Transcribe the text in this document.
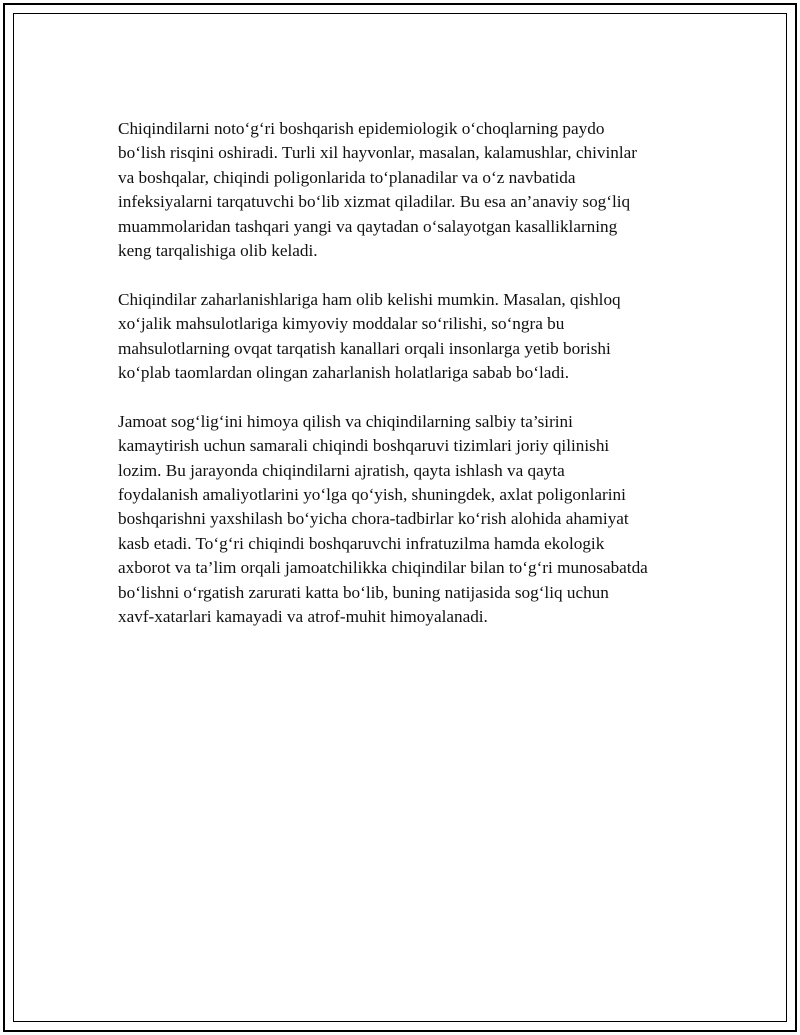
Chiqindilarni noto‘g‘ri boshqarish epidemiologik o‘choqlarning paydo
bo‘lish risqini oshiradi. Turli xil hayvonlar, masalan, kalamushlar, chivinlar
va boshqalar, chiqindi poligonlarida to‘planadilar va o‘z navbatida
infeksiyalarni tarqatuvchi bo‘lib xizmat qiladilar. Bu esa an’anaviy sog‘liq
muammolaridan tashqari yangi va qaytadan o‘salayotgan kasalliklarning
keng tarqalishiga olib keladi.

Chiqindilar zaharlanishlariga ham olib kelishi mumkin. Masalan, qishloq
xo‘jalik mahsulotlariga kimyoviy moddalar so‘rilishi, so‘ngra bu
mahsulotlarning ovqat tarqatish kanallari orqali insonlarga yetib borishi
ko‘plab taomlardan olingan zaharlanish holatlariga sabab bo‘ladi.

Jamoat sog‘lig‘ini himoya qilish va chiqindilarning salbiy ta’sirini
kamaytirish uchun samarali chiqindi boshqaruvi tizimlari joriy qilinishi
lozim. Bu jarayonda chiqindilarni ajratish, qayta ishlash va qayta
foydalanish amaliyotlarini yo‘lga qo‘yish, shuningdek, axlat poligonlarini
boshqarishni yaxshilash bo‘yicha chora-tadbirlar ko‘rish alohida ahamiyat
kasb etadi. To‘g‘ri chiqindi boshqaruvchi infratuzilma hamda ekologik
axborot va ta’lim orqali jamoatchilikka chiqindilar bilan to‘g‘ri munosabatda
bo‘lishni o‘rgatish zarurati katta bo‘lib, buning natijasida sog‘liq uchun
xavf-xatarlari kamayadi va atrof-muhit himoyalanadi.
